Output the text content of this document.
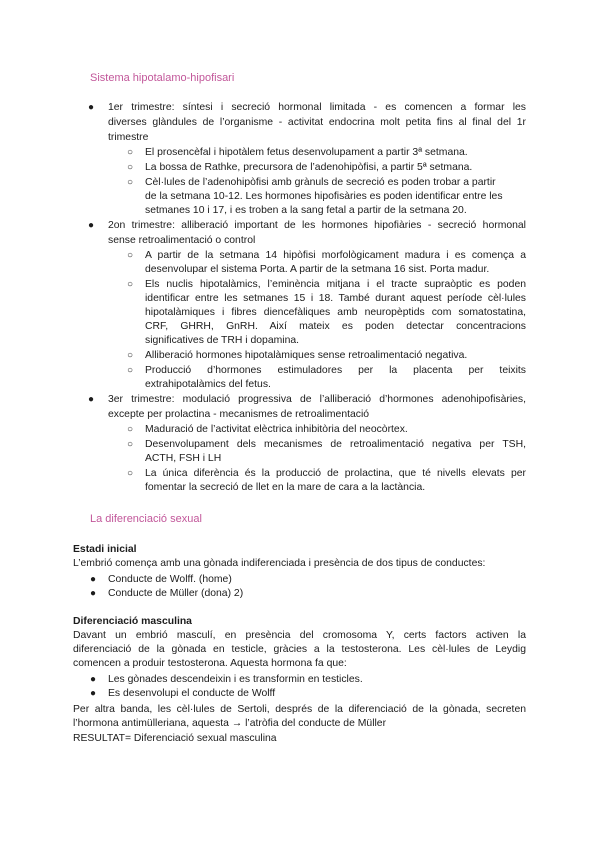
Sistema hipotalamo-hipofisari
● 1er trimestre: síntesi i secreció hormonal limitada - es comencen a formar les
diverses glàndules de l’organisme - activitat endocrina molt petita fins al final del 1r
trimestre
○ El prosencèfal i hipotàlem fetus desenvolupament a partir 3ª setmana.
○ La bossa de Rathke, precursora de l’adenohipòfisi, a partir 5ª setmana.
○ Cèl·lules de l’adenohipòfisi amb grànuls de secreció es poden trobar a partir
de la setmana 10-12. Les hormones hipofisàries es poden identificar entre les
setmanes 10 i 17, i es troben a la sang fetal a partir de la setmana 20.
● 2on trimestre: alliberació important de les hormones hipofiàries - secreció hormonal
sense retroalimentació o control
○ A partir de la setmana 14 hipòfisi morfològicament madura i es comença a
desenvolupar el sistema Porta. A partir de la setmana 16 sist. Porta madur.
○ Els nuclis hipotalàmics, l’eminència mitjana i el tracte supraòptic es poden
identificar entre les setmanes 15 i 18. També durant aquest període cèl·lules
hipotalàmiques i fibres diencefàliques amb neuropèptids com somatostatina,
CRF, GHRH, GnRH. Així mateix es poden detectar concentracions
significatives de TRH i dopamina.
○ Alliberació hormones hipotalàmiques sense retroalimentació negativa.
○ Producció d’hormones estimuladores per la placenta per teixits
extrahipotalàmics del fetus.
● 3er trimestre: modulació progressiva de l’alliberació d’hormones adenohipofisàries,
excepte per prolactina - mecanismes de retroalimentació
○ Maduració de l’activitat elèctrica inhibitòria del neocòrtex.
○ Desenvolupament dels mecanismes de retroalimentació negativa per TSH,
ACTH, FSH i LH
○ La única diferència és la producció de prolactina, que té nivells elevats per
fomentar la secreció de llet en la mare de cara a la lactància.
La diferenciació sexual
Estadi inicial
L’embrió comença amb una gònada indiferenciada i presència de dos tipus de conductes:
● Conducte de Wolff. (home)
● Conducte de Müller (dona) 2)
Diferenciació masculina
Davant un embrió masculí, en presència del cromosoma Y, certs factors activen la
diferenciació de la gònada en testicle, gràcies a la testosterona. Les cèl·lules de Leydig
comencen a produir testosterona. Aquesta hormona fa que:
● Les gònades descendeixin i es transformin en testicles.
● Es desenvolupi el conducte de Wolff
Per altra banda, les cèl·lules de Sertoli, després de la diferenciació de la gònada, secreten
l’hormona antimülleriana, aquesta → l’atròfia del conducte de Müller
RESULTAT= Diferenciació sexual masculina
